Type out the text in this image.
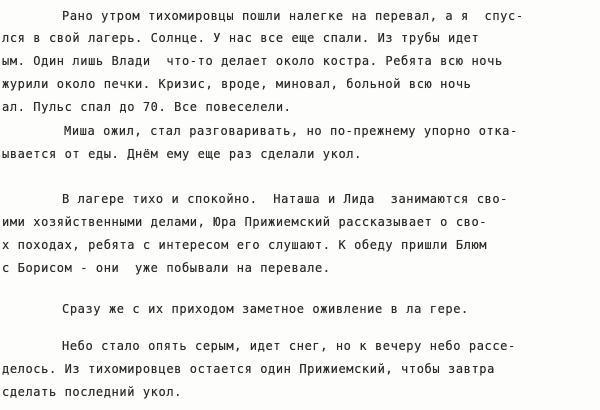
Рано утром тихомировцы пошли налегке на перевал, а я  спус-
лся в свой лагерь. Солнце. У нас все еще спали. Из трубы идет
ым. Один лишь Влади  что-то делает около костра. Ребята всю ночь
журили около печки. Кризис, вроде, миновал, больной всю ночь
ал. Пульс спал до 70. Все повеселели.
Миша ожил, стал разговаривать, но по-прежнему упорно отка-
ывается от еды. Днём ему еще раз сделали укол.
В лагере тихо и спокойно.  Наташа и Лида  занимаются сво-
ими хозяйственными делами, Юра Прижиемский рассказывает о сво-
х походах, ребята с интересом его слушают. К обеду пришли Блюм
с Борисом - они  уже побывали на перевале.
Сразу же с их приходом заметное оживление в ла гере.
Небо стало опять серым, идет снег, но к вечеру небо рассе-
делось. Из тихомировцев остается один Прижиемский, чтобы завтра
сделать последний укол.
